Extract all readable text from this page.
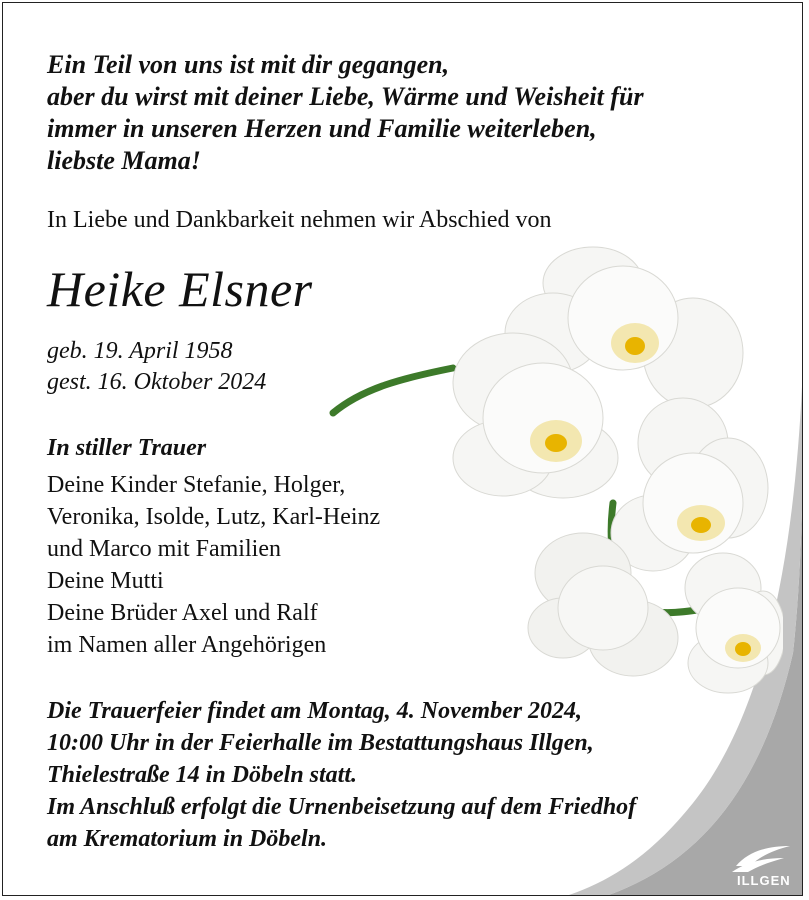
Ein Teil von uns ist mit dir gegangen,
aber du wirst mit deiner Liebe, Wärme und Weisheit für
immer in unseren Herzen und Familie weiterleben,
liebste Mama!
In Liebe und Dankbarkeit nehmen wir Abschied von
Heike Elsner
geb. 19. April 1958
gest. 16. Oktober 2024
In stiller Trauer
Deine Kinder Stefanie, Holger,
Veronika, Isolde, Lutz, Karl-Heinz
und Marco mit Familien
Deine Mutti
Deine Brüder Axel und Ralf
im Namen aller Angehörigen
Die Trauerfeier findet am Montag, 4. November 2024,
10:00 Uhr in der Feierhalle im Bestattungshaus Illgen,
Thielestraße 14 in Döbeln statt.
Im Anschluß erfolgt die Urnenbeisetzung auf dem Friedhof
am Krematorium in Döbeln.
ILLGEN
